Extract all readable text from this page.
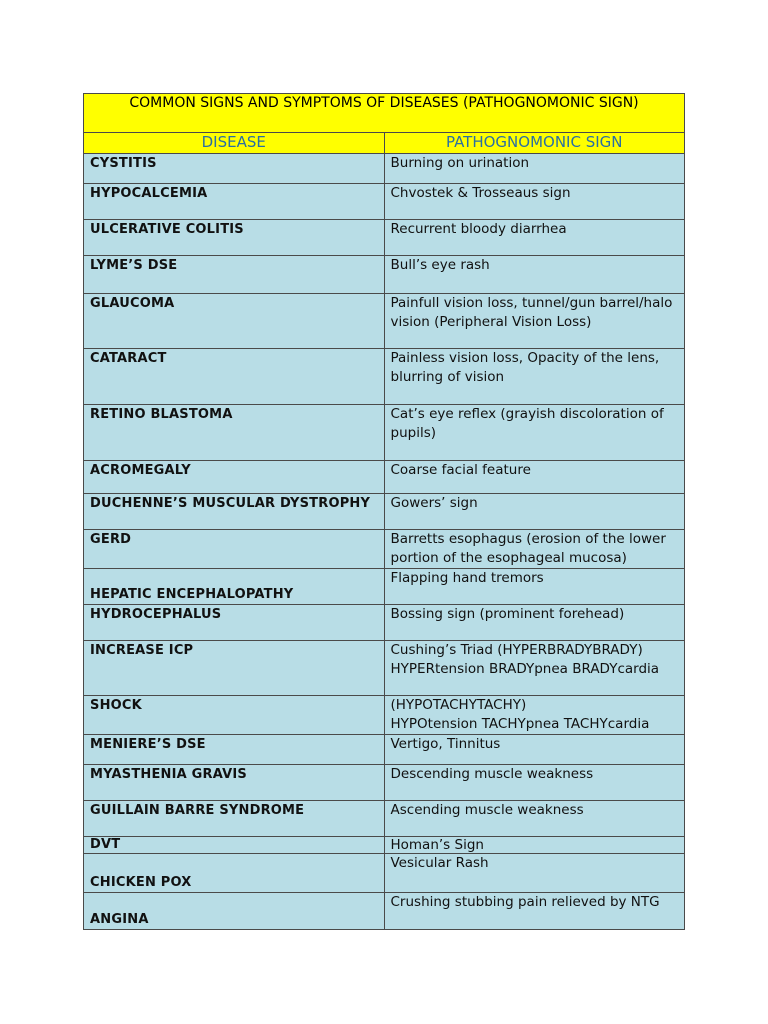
COMMON SIGNS AND SYMPTOMS OF DISEASES (PATHOGNOMONIC SIGN)	
DISEASE	PATHOGNOMONIC SIGN
CYSTITIS	Burning on urination
HYPOCALCEMIA	Chvostek & Trosseaus sign
ULCERATIVE COLITIS	Recurrent bloody diarrhea
LYME’S DSE	Bull’s eye rash
GLAUCOMA	Painfull vision loss, tunnel/gun barrel/halo vision (Peripheral Vision Loss)
CATARACT	Painless vision loss, Opacity of the lens, blurring of vision
RETINO BLASTOMA	Cat’s eye reflex (grayish discoloration of pupils)
ACROMEGALY	Coarse facial feature
DUCHENNE’S MUSCULAR DYSTROPHY	Gowers’ sign
GERD	Barretts esophagus (erosion of the lower portion of the esophageal mucosa)
HEPATIC ENCEPHALOPATHY	Flapping hand tremors
HYDROCEPHALUS	Bossing sign (prominent forehead)
INCREASE ICP	Cushing’s Triad (HYPERBRADYBRADY)
HYPERtension BRADYpnea BRADYcardia

SHOCK	(HYPOTACHYTACHY)
HYPOtension TACHYpnea TACHYcardia

MENIERE’S DSE	Vertigo, Tinnitus
MYASTHENIA GRAVIS	Descending muscle weakness
GUILLAIN BARRE SYNDROME	Ascending muscle weakness
DVT	Homan’s Sign
CHICKEN POX	Vesicular Rash
ANGINA	Crushing stubbing pain relieved by NTG
